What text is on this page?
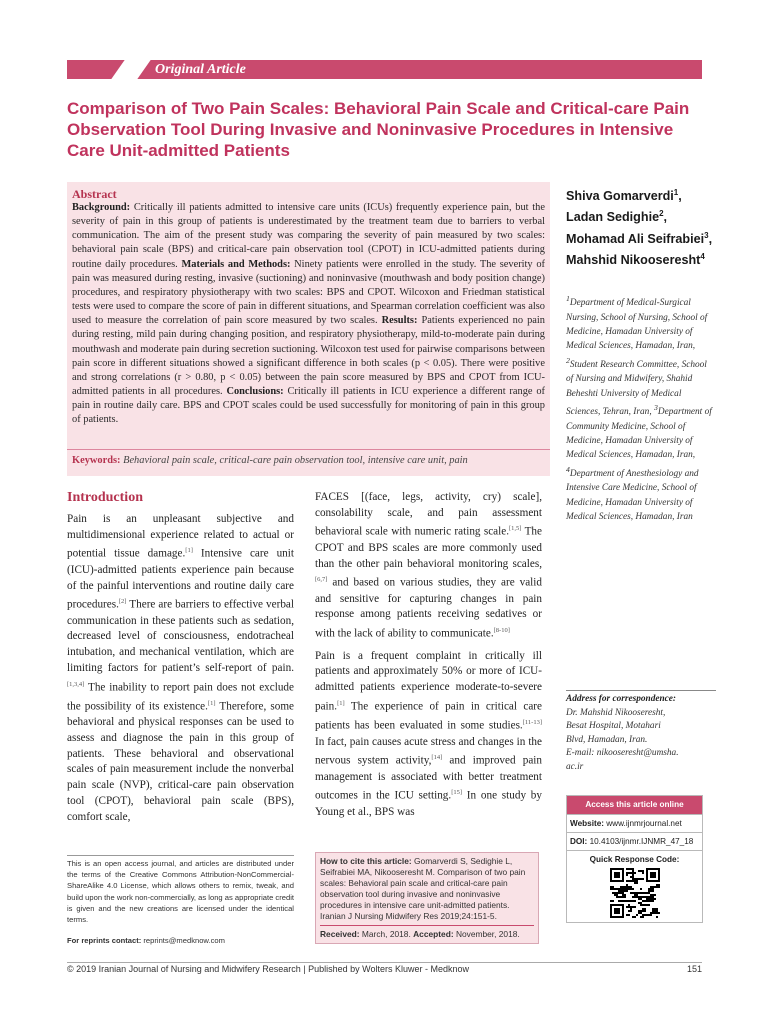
Original Article
Comparison of Two Pain Scales: Behavioral Pain Scale and Critical-care Pain Observation Tool During Invasive and Noninvasive Procedures in Intensive Care Unit-admitted Patients
Abstract
Background: Critically ill patients admitted to intensive care units (ICUs) frequently experience pain, but the severity of pain in this group of patients is underestimated by the treatment team due to barriers to verbal communication. The aim of the present study was comparing the severity of pain measured by two scales: behavioral pain scale (BPS) and critical-care pain observation tool (CPOT) in ICU-admitted patients during routine daily procedures. Materials and Methods: Ninety patients were enrolled in the study. The severity of pain was measured during resting, invasive (suctioning) and noninvasive (mouthwash and body position change) procedures, and respiratory physiotherapy with two scales: BPS and CPOT. Wilcoxon and Friedman statistical tests were used to compare the score of pain in different situations, and Spearman correlation coefficient was also used to measure the correlation of pain score measured by two scales. Results: Patients experienced no pain during resting, mild pain during changing position, and respiratory physiotherapy, mild-to-moderate pain during mouthwash and moderate pain during secretion suctioning. Wilcoxon test used for pairwise comparisons between pain score in different situations showed a significant difference in both scales (p < 0.05). There were positive and strong correlations (r > 0.80, p < 0.05) between the pain score measured by BPS and CPOT from ICU-admitted patients in all procedures. Conclusions: Critically ill patients in ICU experience a different range of pain in routine daily care. BPS and CPOT scales could be used successfully for monitoring of pain in this group of patients.
Keywords: Behavioral pain scale, critical-care pain observation tool, intensive care unit, pain
Shiva Gomarverdi$^1$,
Ladan Sedighie$^2$,
Mohamad Ali Seifrabiei$^3$,
Mahshid Nikooseresht$^4$
$^1$Department of Medical-Surgical Nursing, School of Nursing, School of Medicine, Hamadan University of Medical Sciences, Hamadan, Iran, $^2$Student Research Committee, School of Nursing and Midwifery, Shahid Beheshti University of Medical Sciences, Tehran, Iran, $^3$Department of Community Medicine, School of Medicine, Hamadan University of Medical Sciences, Hamadan, Iran, $^4$Department of Anesthesiology and Intensive Care Medicine, School of Medicine, Hamadan University of Medical Sciences, Hamadan, Iran
Introduction

Pain is an unpleasant subjective and multidimensional experience related to actual or potential tissue damage.[1] Intensive care unit (ICU)-admitted patients experience pain because of the painful interventions and routine daily care procedures.[2] There are barriers to effective verbal communication in these patients such as sedation, decreased level of consciousness, endotracheal intubation, and mechanical ventilation, which are limiting factors for patient’s self-report of pain.[1,3,4] The inability to report pain does not exclude the possibility of its existence.[1] Therefore, some behavioral and physical responses can be used to assess and diagnose the pain in this group of patients. These behavioral and observational scales of pain measurement include the nonverbal pain scale (NVP), critical-care pain observation tool (CPOT), behavioral pain scale (BPS), comfort scale,

FACES [(face, legs, activity, cry) scale], consolability scale, and pain assessment behavioral scale with numeric rating scale.[1,5] The CPOT and BPS scales are more commonly used than the other pain behavioral monitoring scales,[6,7] and based on various studies, they are valid and sensitive for capturing changes in pain response among patients receiving sedatives or with the lack of ability to communicate.[8-10]

Pain is a frequent complaint in critically ill patients and approximately 50% or more of ICU-admitted patients experience moderate-to-severe pain.[1] The experience of pain in critical care patients has been evaluated in some studies.[11-13] In fact, pain causes acute stress and changes in the nervous system activity,[14] and improved pain management is associated with better treatment outcomes in the ICU setting.[15] In one study by Young et al., BPS was

Address for correspondence:
Dr. Mahshid Nikooseresht,
Besat Hospital, Motahari
Blvd, Hamadan, Iran.
E-mail: nikooseresht@umsha.
ac.ir
Access this article online
Website: www.ijnmrjournal.net
DOI: 10.4103/ijnmr.IJNMR_47_18
Quick Response Code:
This is an open access journal, and articles are distributed under the terms of the Creative Commons Attribution-NonCommercial-ShareAlike 4.0 License, which allows others to remix, tweak, and build upon the work non-commercially, as long as appropriate credit is given and the new creations are licensed under the identical terms.
For reprints contact: reprints@medknow.com
How to cite this article: Gomarverdi S, Sedighie L, Seifrabiei MA, Nikooseresht M. Comparison of two pain scales: Behavioral pain scale and critical-care pain observation tool during invasive and noninvasive procedures in intensive care unit-admitted patients. Iranian J Nursing Midwifery Res 2019;24:151-5.
Received: March, 2018. Accepted: November, 2018.
© 2019 Iranian Journal of Nursing and Midwifery Research | Published by Wolters Kluwer - Medknow	151
